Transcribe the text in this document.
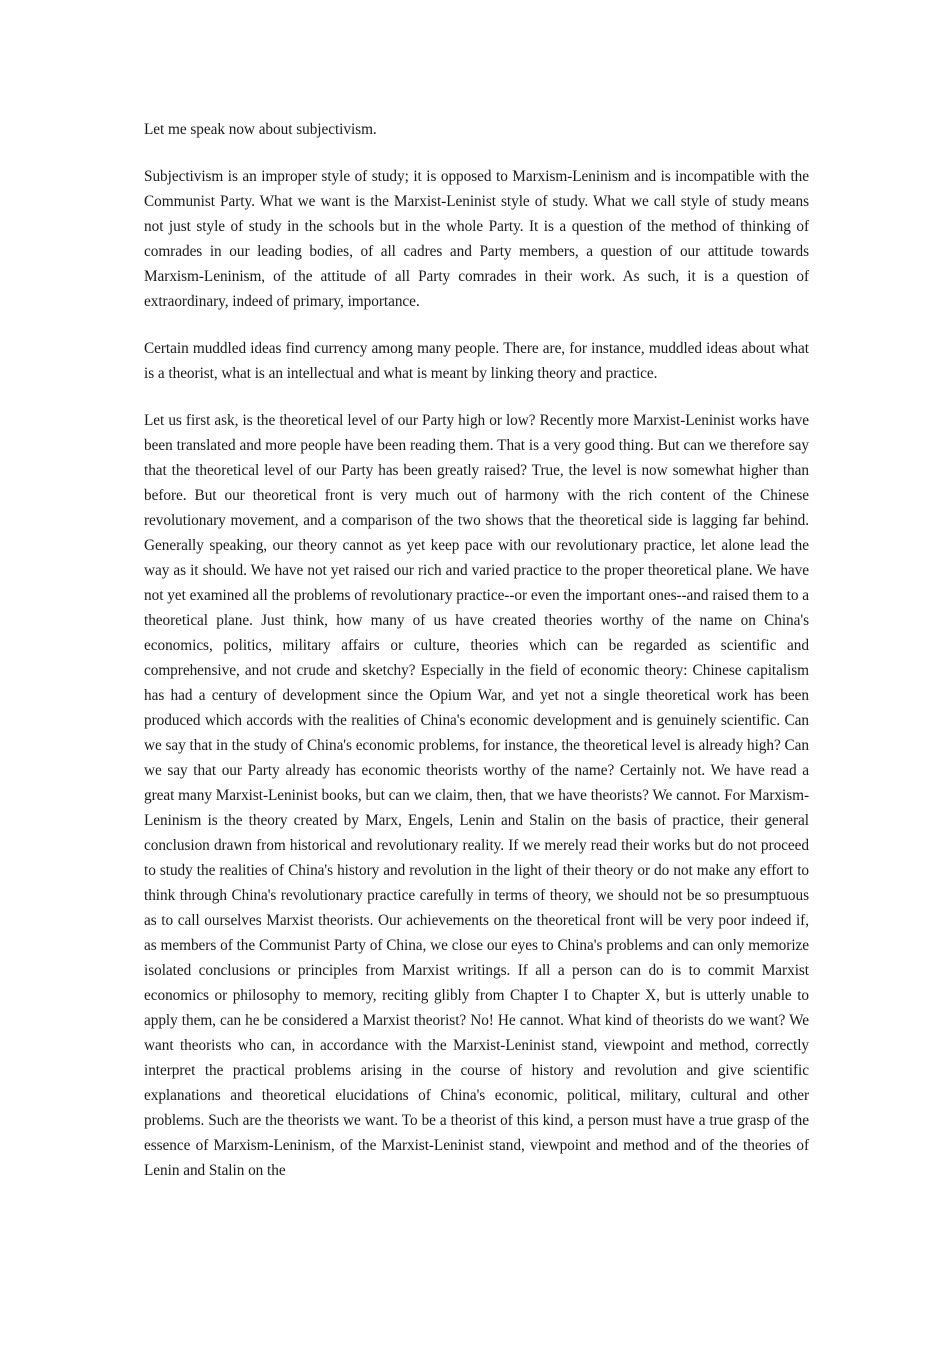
Let me speak now about subjectivism.

Subjectivism is an improper style of study; it is opposed to Marxism-Leninism and is incompatible with the Communist Party. What we want is the Marxist-Leninist style of study. What we call style of study means not just style of study in the schools but in the whole Party. It is a question of the method of thinking of comrades in our leading bodies, of all cadres and Party members, a question of our attitude towards Marxism-Leninism, of the attitude of all Party comrades in their work. As such, it is a question of extraordinary, indeed of primary, importance.

Certain muddled ideas find currency among many people. There are, for instance, muddled ideas about what is a theorist, what is an intellectual and what is meant by linking theory and practice.

Let us first ask, is the theoretical level of our Party high or low? Recently more Marxist-Leninist works have been translated and more people have been reading them. That is a very good thing. But can we therefore say that the theoretical level of our Party has been greatly raised? True, the level is now somewhat higher than before. But our theoretical front is very much out of harmony with the rich content of the Chinese revolutionary movement, and a comparison of the two shows that the theoretical side is lagging far behind. Generally speaking, our theory cannot as yet keep pace with our revolutionary practice, let alone lead the way as it should. We have not yet raised our rich and varied practice to the proper theoretical plane. We have not yet examined all the problems of revolutionary practice--or even the important ones--and raised them to a theoretical plane. Just think, how many of us have created theories worthy of the name on China's economics, politics, military affairs or culture, theories which can be regarded as scientific and comprehensive, and not crude and sketchy? Especially in the field of economic theory: Chinese capitalism has had a century of development since the Opium War, and yet not a single theoretical work has been produced which accords with the realities of China's economic development and is genuinely scientific. Can we say that in the study of China's economic problems, for instance, the theoretical level is already high? Can we say that our Party already has economic theorists worthy of the name? Certainly not. We have read a great many Marxist-Leninist books, but can we claim, then, that we have theorists? We cannot. For Marxism-Leninism is the theory created by Marx, Engels, Lenin and Stalin on the basis of practice, their general conclusion drawn from historical and revolutionary reality. If we merely read their works but do not proceed to study the realities of China's history and revolution in the light of their theory or do not make any effort to think through China's revolutionary practice carefully in terms of theory, we should not be so presumptuous as to call ourselves Marxist theorists. Our achievements on the theoretical front will be very poor indeed if, as members of the Communist Party of China, we close our eyes to China's problems and can only memorize isolated conclusions or principles from Marxist writings. If all a person can do is to commit Marxist economics or philosophy to memory, reciting glibly from Chapter I to Chapter X, but is utterly unable to apply them, can he be considered a Marxist theorist? No! He cannot. What kind of theorists do we want? We want theorists who can, in accordance with the Marxist-Leninist stand, viewpoint and method, correctly interpret the practical problems arising in the course of history and revolution and give scientific explanations and theoretical elucidations of China's economic, political, military, cultural and other problems. Such are the theorists we want. To be a theorist of this kind, a person must have a true grasp of the essence of Marxism-Leninism, of the Marxist-Leninist stand, viewpoint and method and of the theories of Lenin and Stalin on the
